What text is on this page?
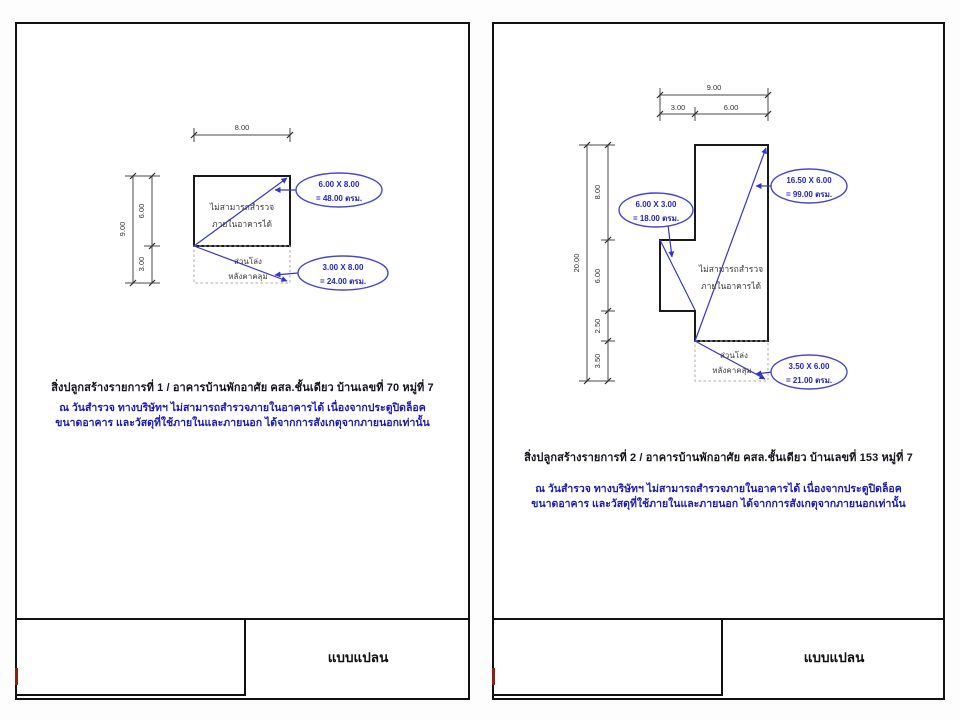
8.00
9.00
6.00
3.00
ไม่สามารถสำรวจ
ภายในอาคารได้
ส่วนโล่ง
หลังคาคลุม
6.00 X 8.00
= 48.00 ตรม.
3.00 X 8.00
= 24.00 ตรม.
สิ่งปลูกสร้างรายการที่ 1 / อาคารบ้านพักอาศัย คสล.ชั้นเดียว บ้านเลขที่ 70 หมู่ที่ 7
ณ วันสำรวจ ทางบริษัทฯ ไม่สามารถสำรวจภายในอาคารได้ เนื่องจากประตูปิดล็อค
ขนาดอาคาร และวัสดุที่ใช้ภายในและภายนอก ได้จากการสังเกตุจากภายนอกเท่านั้น
แบบแปลน
9.00
3.00	6.00
20.00
8.00
6.00
2.50
3.50
ไม่สามารถสำรวจ
ภายในอาคารได้
ส่วนโล่ง
หลังคาคลุม
16.50 X 6.00
= 99.00 ตรม.
6.00 X 3.00
= 18.00 ตรม.
3.50 X 6.00
= 21.00 ตรม.
สิ่งปลูกสร้างรายการที่ 2 / อาคารบ้านพักอาศัย คสล.ชั้นเดียว บ้านเลขที่ 153 หมู่ที่ 7
ณ วันสำรวจ ทางบริษัทฯ ไม่สามารถสำรวจภายในอาคารได้ เนื่องจากประตูปิดล็อค
ขนาดอาคาร และวัสดุที่ใช้ภายในและภายนอก ได้จากการสังเกตุจากภายนอกเท่านั้น
แบบแปลน
